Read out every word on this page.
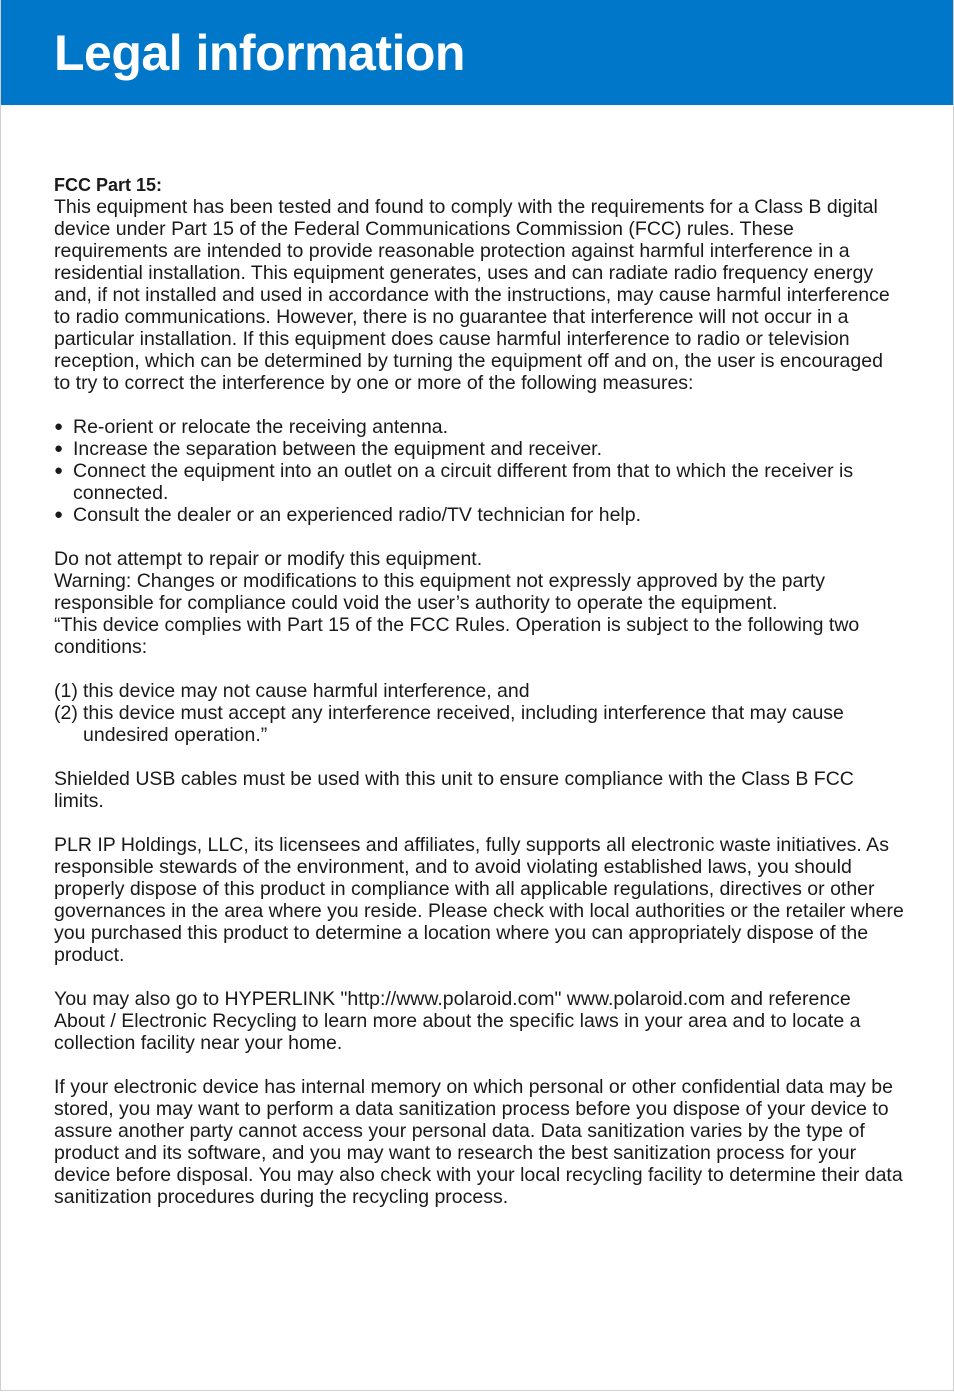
Legal information

FCC Part 15:

This equipment has been tested and found to comply with the requirements for a Class B digital device under Part 15 of the Federal Communications Commission (FCC) rules. These requirements are intended to provide reasonable protection against harmful interference in a residential installation. This equipment generates, uses and can radiate radio frequency energy and, if not installed and used in accordance with the instructions, may cause harmful interference to radio communications. However, there is no guarantee that interference will not occur in a particular installation. If this equipment does cause harmful interference to radio or television reception, which can be determined by turning the equipment off and on, the user is encouraged to try to correct the interference by one or more of the following measures:

● Re-orient or relocate the receiving antenna.
● Increase the separation between the equipment and receiver.
● Connect the equipment into an outlet on a circuit different from that to which the receiver is connected.
● Consult the dealer or an experienced radio/TV technician for help.

Do not attempt to repair or modify this equipment.

Warning: Changes or modifications to this equipment not expressly approved by the party responsible for compliance could void the user’s authority to operate the equipment.

“This device complies with Part 15 of the FCC Rules. Operation is subject to the following two conditions:

(1) this device may not cause harmful interference, and
(2) this device must accept any interference received, including interference that may cause undesired operation.”

Shielded USB cables must be used with this unit to ensure compliance with the Class B FCC limits.

PLR IP Holdings, LLC, its licensees and affiliates, fully supports all electronic waste initiatives. As responsible stewards of the environment, and to avoid violating established laws, you should properly dispose of this product in compliance with all applicable regulations, directives or other governances in the area where you reside. Please check with local authorities or the retailer where you purchased this product to determine a location where you can appropriately dispose of the product.

You may also go to HYPERLINK "http://www.polaroid.com" www.polaroid.com and reference About / Electronic Recycling to learn more about the specific laws in your area and to locate a collection facility near your home.

If your electronic device has internal memory on which personal or other confidential data may be stored, you may want to perform a data sanitization process before you dispose of your device to assure another party cannot access your personal data. Data sanitization varies by the type of product and its software, and you may want to research the best sanitization process for your device before disposal. You may also check with your local recycling facility to determine their data sanitization procedures during the recycling process.
